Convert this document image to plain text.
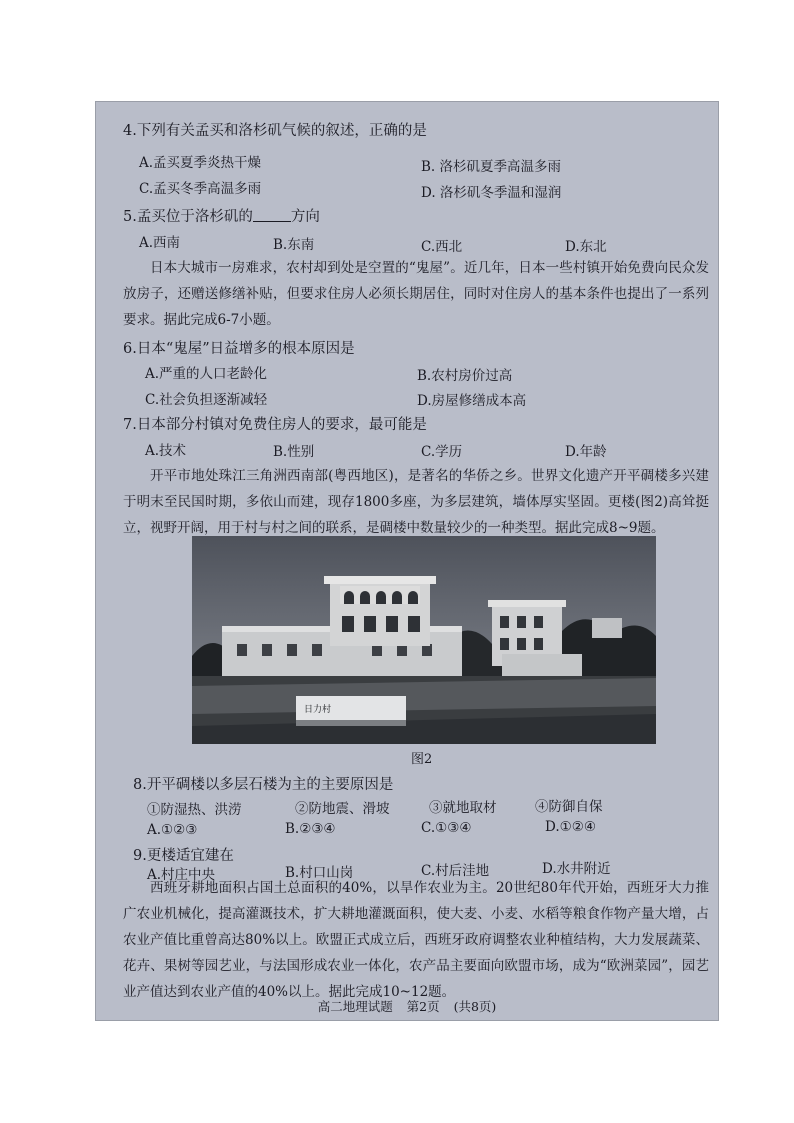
4.下列有关孟买和洛杉矶气候的叙述，正确的是
A.孟买夏季炎热干燥	B. 洛杉矶夏季高温多雨
C.孟买冬季高温多雨	D. 洛杉矶冬季温和湿润
5.孟买位于洛杉矶的	方向
A.西南	B.东南	C.西北	D.东北
日本大城市一房难求，农村却到处是空置的“鬼屋”。近几年，日本一些村镇开始免费向民众发放房子，还赠送修缮补贴，但要求住房人必须长期居住，同时对住房人的基本条件也提出了一系列要求。据此完成6-7小题。
6.日本“鬼屋”日益增多的根本原因是
A.严重的人口老龄化	B.农村房价过高
C.社会负担逐渐减轻	D.房屋修缮成本高
7.日本部分村镇对免费住房人的要求，最可能是
A.技术	B.性别	C.学历	D.年龄
开平市地处珠江三角洲西南部(粤西地区)，是著名的华侨之乡。世界文化遗产开平碉楼多兴建于明末至民国时期，多依山而建，现存1800多座，为多层建筑，墙体厚实坚固。更楼(图2)高耸挺立，视野开阔，用于村与村之间的联系，是碉楼中数量较少的一种类型。据此完成8~9题。
日力村
图2
8.开平碉楼以多层石楼为主的主要原因是
①防湿热、洪涝	②防地震、滑坡	③就地取材	④防御自保
A.①②③	B.②③④	C.①③④	D.①②④
9.更楼适宜建在
A.村庄中央	B.村口山岗	C.村后洼地	D.水井附近
西班牙耕地面积占国土总面积的40%，以旱作农业为主。20世纪80年代开始，西班牙大力推广农业机械化，提高灌溉技术，扩大耕地灌溉面积，使大麦、小麦、水稻等粮食作物产量大增，占农业产值比重曾高达80%以上。欧盟正式成立后，西班牙政府调整农业种植结构，大力发展蔬菜、花卉、果树等园艺业，与法国形成农业一体化，农产品主要面向欧盟市场，成为“欧洲菜园”，园艺业产值达到农业产值的40%以上。据此完成10~12题。
高二地理试题 第2页 (共8页)
